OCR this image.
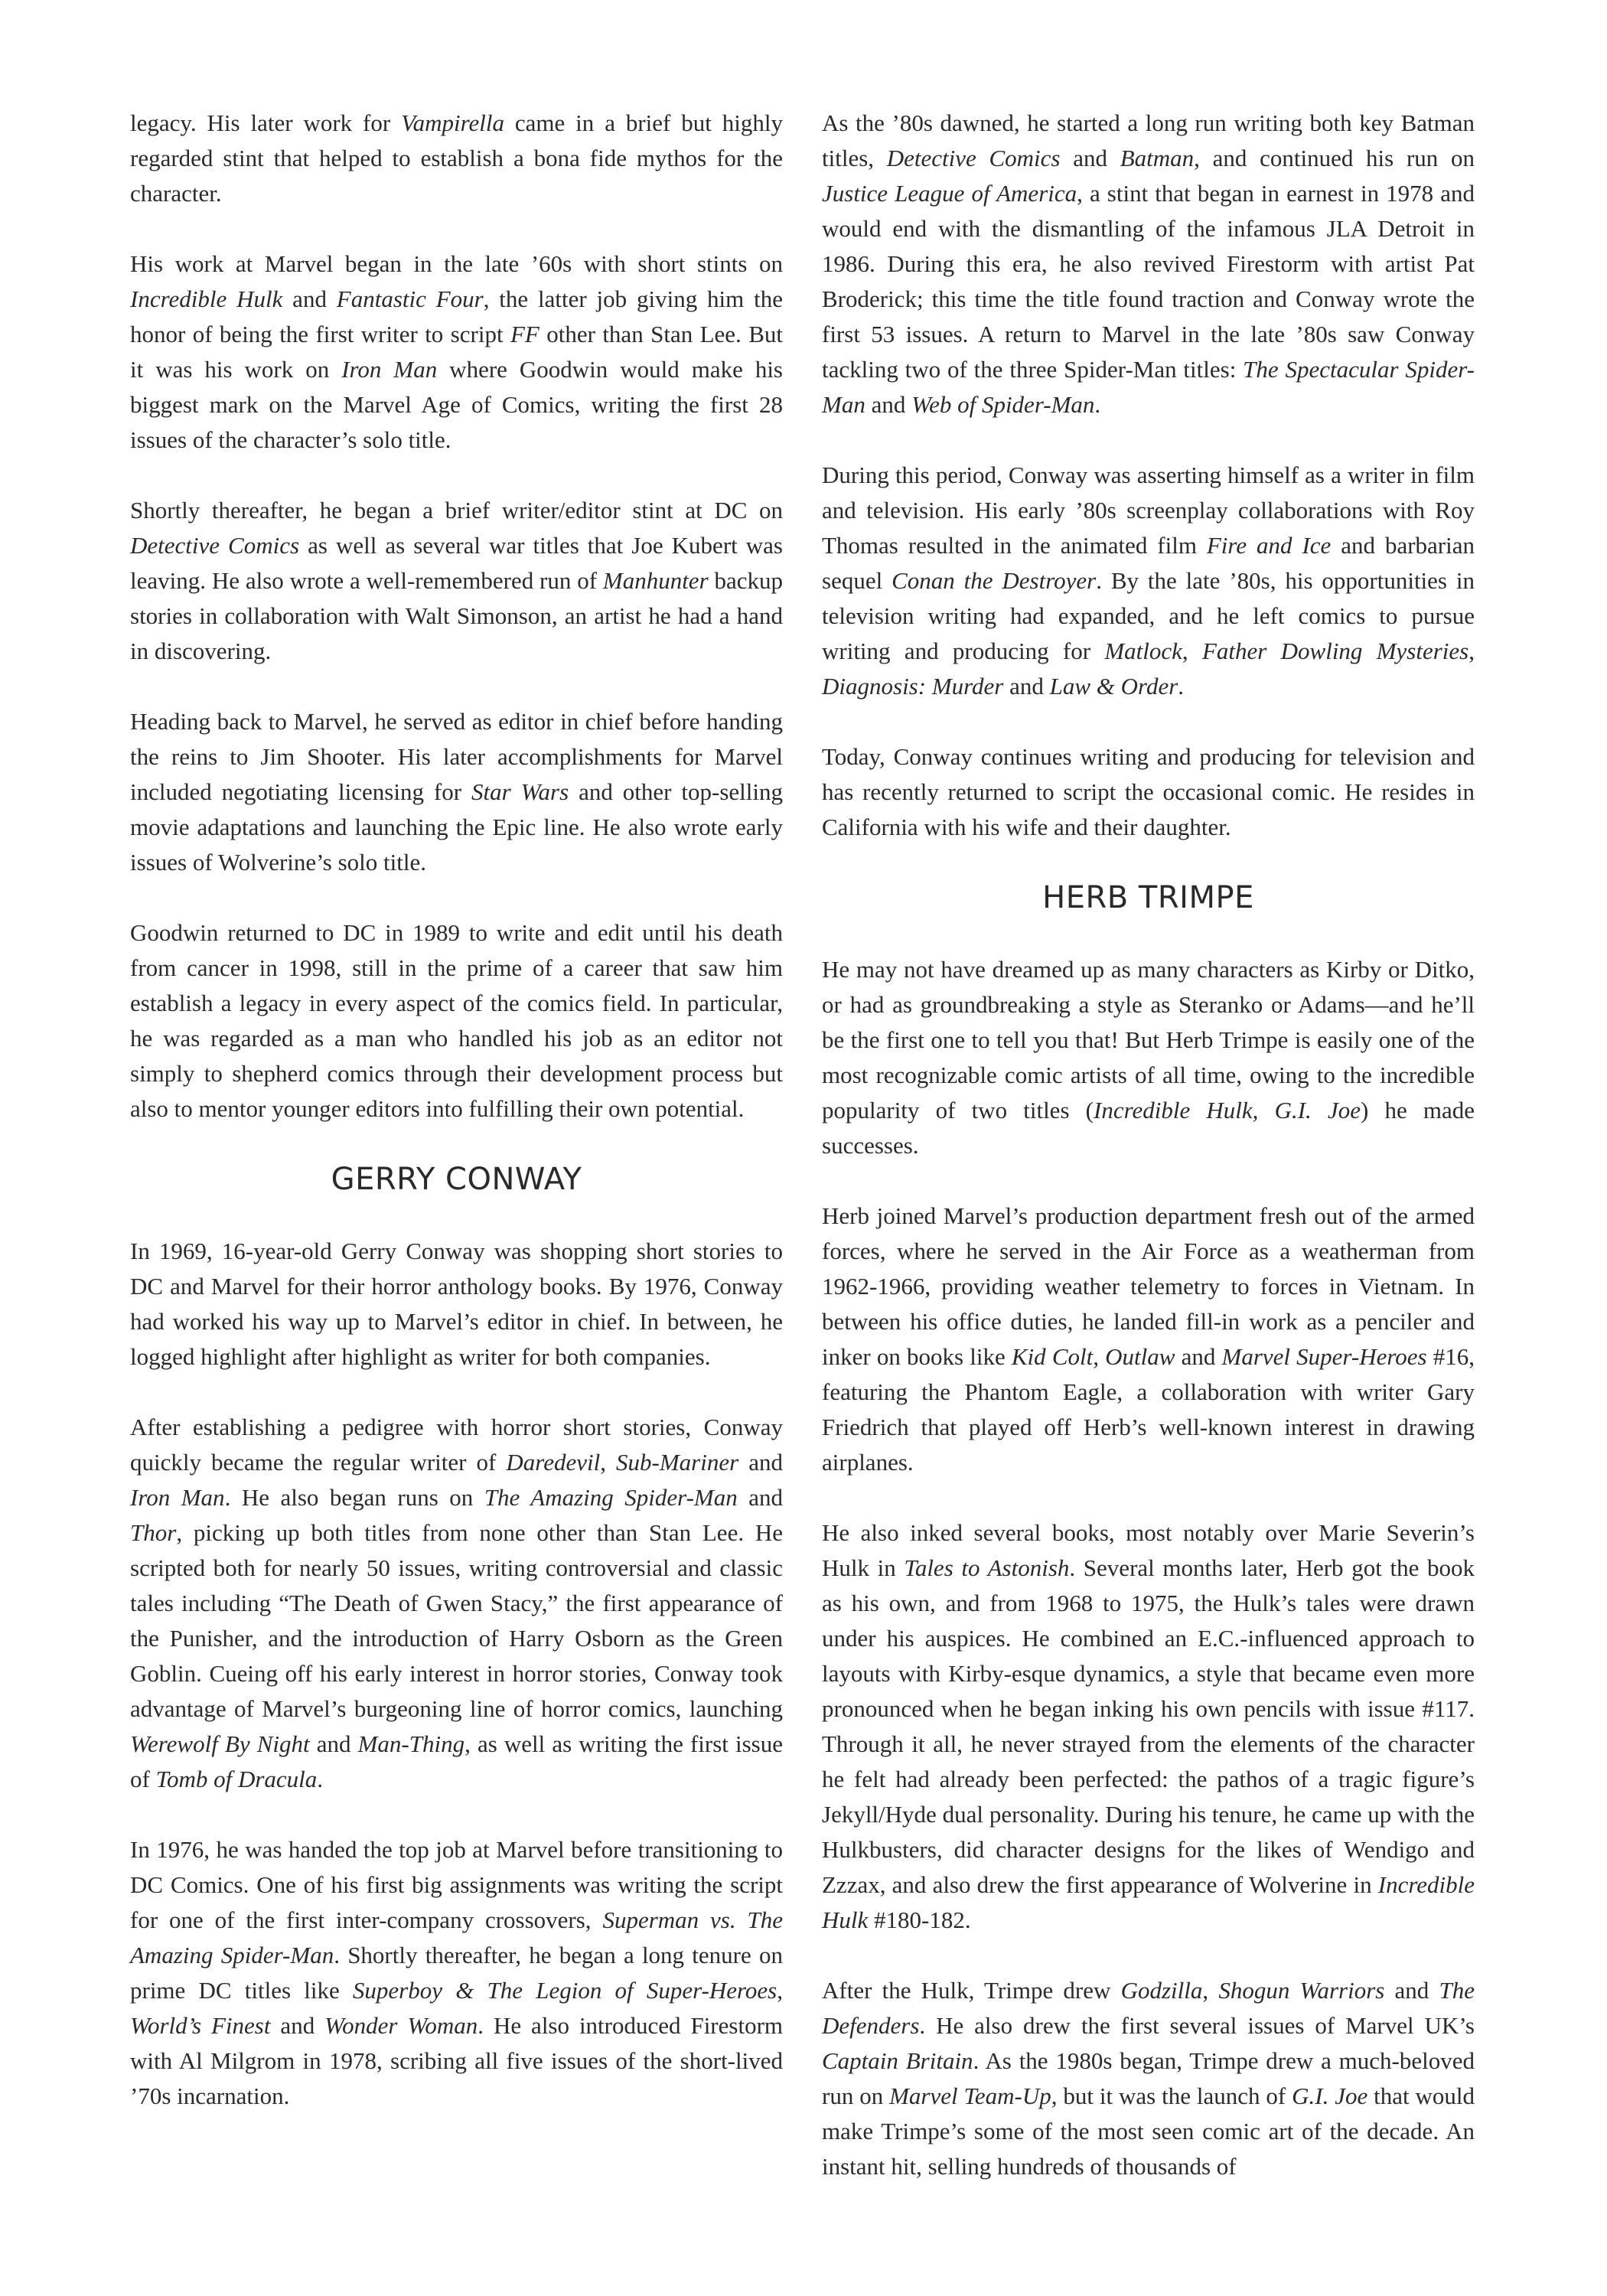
legacy. His later work for Vampirella came in a brief but highly regarded stint that helped to establish a bona fide mythos for the character.

His work at Marvel began in the late ’60s with short stints on Incredible Hulk and Fantastic Four, the latter job giving him the honor of being the first writer to script FF other than Stan Lee. But it was his work on Iron Man where Goodwin would make his biggest mark on the Marvel Age of Comics, writing the first 28 issues of the character’s solo title.

Shortly thereafter, he began a brief writer/editor stint at DC on Detective Comics as well as several war titles that Joe Kubert was leaving. He also wrote a well-remembered run of Manhunter backup stories in collaboration with Walt Simonson, an artist he had a hand in discovering.

Heading back to Marvel, he served as editor in chief before handing the reins to Jim Shooter. His later accomplishments for Marvel included negotiating licensing for Star Wars and other top-selling movie adaptations and launching the Epic line. He also wrote early issues of Wolverine’s solo title.

Goodwin returned to DC in 1989 to write and edit until his death from cancer in 1998, still in the prime of a career that saw him establish a legacy in every aspect of the comics field. In particular, he was regarded as a man who handled his job as an editor not simply to shepherd comics through their development process but also to mentor younger editors into fulfilling their own potential.

GERRY CONWAY

In 1969, 16-year-old Gerry Conway was shopping short stories to DC and Marvel for their horror anthology books. By 1976, Conway had worked his way up to Marvel’s editor in chief. In between, he logged highlight after highlight as writer for both companies.

After establishing a pedigree with horror short stories, Conway quickly became the regular writer of Daredevil, Sub-Mariner and Iron Man. He also began runs on The Amazing Spider-Man and Thor, picking up both titles from none other than Stan Lee. He scripted both for nearly 50 issues, writing controversial and classic tales including “The Death of Gwen Stacy,” the first appearance of the Punisher, and the introduction of Harry Osborn as the Green Goblin. Cueing off his early interest in horror stories, Conway took advantage of Marvel’s burgeoning line of horror comics, launching Werewolf By Night and Man-Thing, as well as writing the first issue of Tomb of Dracula.

In 1976, he was handed the top job at Marvel before transitioning to DC Comics. One of his first big assignments was writing the script for one of the first inter-company crossovers, Superman vs. The Amazing Spider-Man. Shortly thereafter, he began a long tenure on prime DC titles like Superboy & The Legion of Super-Heroes, World’s Finest and Wonder Woman. He also introduced Firestorm with Al Milgrom in 1978, scribing all five issues of the short-lived ’70s incarnation.

As the ’80s dawned, he started a long run writing both key Batman titles, Detective Comics and Batman, and continued his run on Justice League of America, a stint that began in earnest in 1978 and would end with the dismantling of the infamous JLA Detroit in 1986. During this era, he also revived Firestorm with artist Pat Broderick; this time the title found traction and Conway wrote the first 53 issues. A return to Marvel in the late ’80s saw Conway tackling two of the three Spider-Man titles: The Spectacular Spider-Man and Web of Spider-Man.

During this period, Conway was asserting himself as a writer in film and television. His early ’80s screenplay collaborations with Roy Thomas resulted in the animated film Fire and Ice and barbarian sequel Conan the Destroyer. By the late ’80s, his opportunities in television writing had expanded, and he left comics to pursue writing and producing for Matlock, Father Dowling Mysteries, Diagnosis: Murder and Law & Order.

Today, Conway continues writing and producing for television and has recently returned to script the occasional comic. He resides in California with his wife and their daughter.

HERB TRIMPE

He may not have dreamed up as many characters as Kirby or Ditko, or had as groundbreaking a style as Steranko or Adams—and he’ll be the first one to tell you that! But Herb Trimpe is easily one of the most recognizable comic artists of all time, owing to the incredible popularity of two titles (Incredible Hulk, G.I. Joe) he made successes.

Herb joined Marvel’s production department fresh out of the armed forces, where he served in the Air Force as a weatherman from 1962-1966, providing weather telemetry to forces in Vietnam. In between his office duties, he landed fill-in work as a penciler and inker on books like Kid Colt, Outlaw and Marvel Super-Heroes #16, featuring the Phantom Eagle, a collaboration with writer Gary Friedrich that played off Herb’s well-known interest in drawing airplanes.

He also inked several books, most notably over Marie Severin’s Hulk in Tales to Astonish. Several months later, Herb got the book as his own, and from 1968 to 1975, the Hulk’s tales were drawn under his auspices. He combined an E.C.-influenced approach to layouts with Kirby-esque dynamics, a style that became even more pronounced when he began inking his own pencils with issue #117. Through it all, he never strayed from the elements of the character he felt had already been perfected: the pathos of a tragic figure’s Jekyll/Hyde dual personality. During his tenure, he came up with the Hulkbusters, did character designs for the likes of Wendigo and Zzzax, and also drew the first appearance of Wolverine in Incredible Hulk #180-182.

After the Hulk, Trimpe drew Godzilla, Shogun Warriors and The Defenders. He also drew the first several issues of Marvel UK’s Captain Britain. As the 1980s began, Trimpe drew a much-beloved run on Marvel Team-Up, but it was the launch of G.I. Joe that would make Trimpe’s some of the most seen comic art of the decade. An instant hit, selling hundreds of thousands of
